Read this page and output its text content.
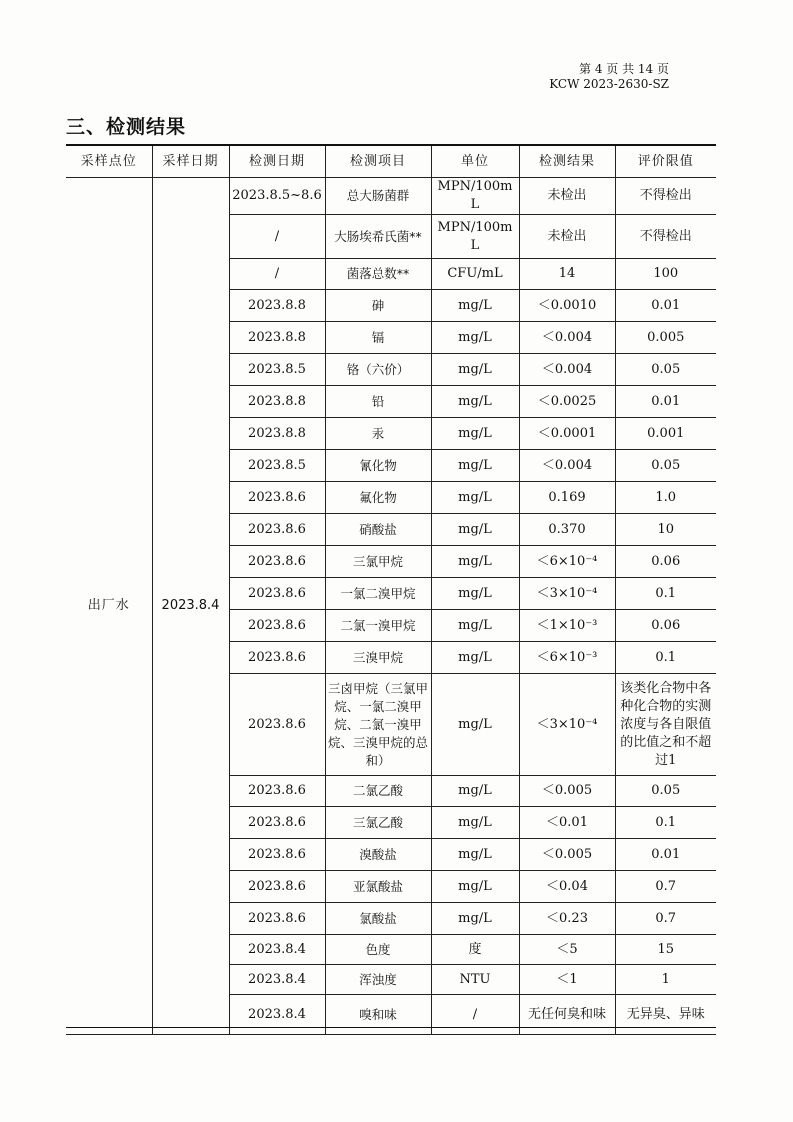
第 4 页 共 14 页
KCW 2023-2630-SZ
三、检测结果
采样点位	采样日期	检测日期	检测项目	单位	检测结果	评价限值
出厂水	2023.8.4	2023.8.5~8.6	总大肠菌群	MPN/100mL	未检出	不得检出
		/	大肠埃希氏菌**	MPN/100mL	未检出	不得检出
		/	菌落总数**	CFU/mL	14	100
		2023.8.8	砷	mg/L	＜0.0010	0.01
		2023.8.8	镉	mg/L	＜0.004	0.005
		2023.8.5	铬（六价）	mg/L	＜0.004	0.05
		2023.8.8	铅	mg/L	＜0.0025	0.01
		2023.8.8	汞	mg/L	＜0.0001	0.001
		2023.8.5	氰化物	mg/L	＜0.004	0.05
		2023.8.6	氟化物	mg/L	0.169	1.0
		2023.8.6	硝酸盐	mg/L	0.370	10
		2023.8.6	三氯甲烷	mg/L	＜6×10⁻⁴	0.06
		2023.8.6	一氯二溴甲烷	mg/L	＜3×10⁻⁴	0.1
		2023.8.6	二氯一溴甲烷	mg/L	＜1×10⁻³	0.06
		2023.8.6	三溴甲烷	mg/L	＜6×10⁻³	0.1
		2023.8.6	三卤甲烷（三氯甲烷、一氯二溴甲烷、二氯一溴甲烷、三溴甲烷的总和）	mg/L	＜3×10⁻⁴	该类化合物中各种化合物的实测浓度与各自限值的比值之和不超过1
		2023.8.6	二氯乙酸	mg/L	＜0.005	0.05
		2023.8.6	三氯乙酸	mg/L	＜0.01	0.1
		2023.8.6	溴酸盐	mg/L	＜0.005	0.01
		2023.8.6	亚氯酸盐	mg/L	＜0.04	0.7
		2023.8.6	氯酸盐	mg/L	＜0.23	0.7
		2023.8.4	色度	度	＜5	15
		2023.8.4	浑浊度	NTU	＜1	1
		2023.8.4	嗅和味	/	无任何臭和味	无异臭、异味
